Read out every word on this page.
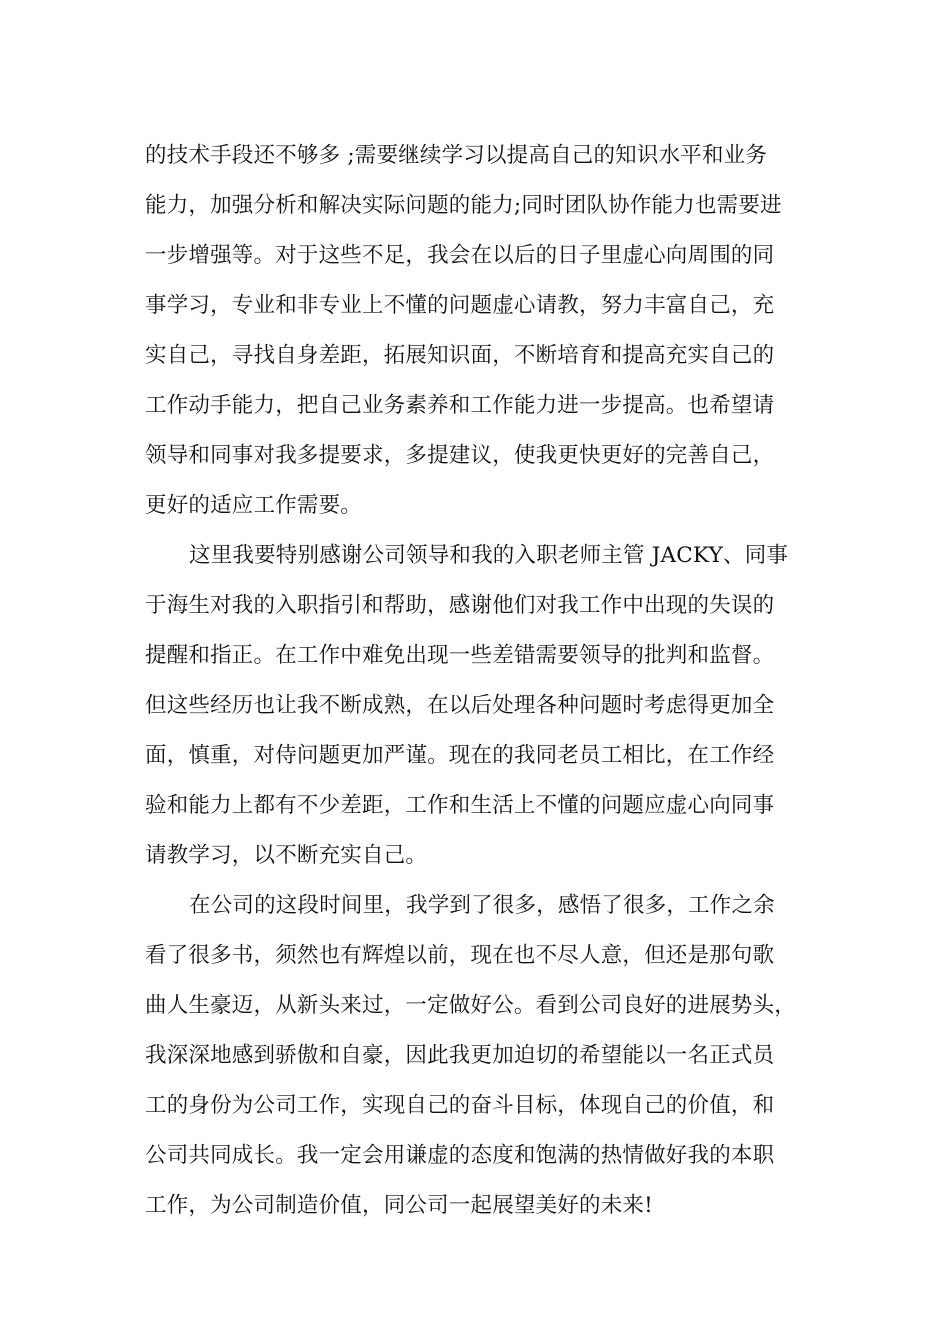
的技术手段还不够多 ;需要继续学习以提高自己的知识水平和业务
能力，加强分析和解决实际问题的能力;同时团队协作能力也需要进
一步增强等。对于这些不足，我会在以后的日子里虚心向周围的同
事学习，专业和非专业上不懂的问题虚心请教，努力丰富自己，充
实自己，寻找自身差距，拓展知识面，不断培育和提高充实自己的
工作动手能力，把自己业务素养和工作能力进一步提高。也希望请
领导和同事对我多提要求，多提建议，使我更快更好的完善自己，
更好的适应工作需要。
这里我要特别感谢公司领导和我的入职老师主管 JACKY、同事
于海生对我的入职指引和帮助，感谢他们对我工作中出现的失误的
提醒和指正。在工作中难免出现一些差错需要领导的批判和监督。
但这些经历也让我不断成熟，在以后处理各种问题时考虑得更加全
面，慎重，对侍问题更加严谨。现在的我同老员工相比，在工作经
验和能力上都有不少差距，工作和生活上不懂的问题应虚心向同事
请教学习，以不断充实自己。
在公司的这段时间里，我学到了很多，感悟了很多，工作之余
看了很多书，须然也有辉煌以前，现在也不尽人意，但还是那句歌
曲人生豪迈，从新头来过，一定做好公。看到公司良好的进展势头，
我深深地感到骄傲和自豪，因此我更加迫切的希望能以一名正式员
工的身份为公司工作，实现自己的奋斗目标，体现自己的价值，和
公司共同成长。我一定会用谦虚的态度和饱满的热情做好我的本职
工作，为公司制造价值，同公司一起展望美好的未来!
